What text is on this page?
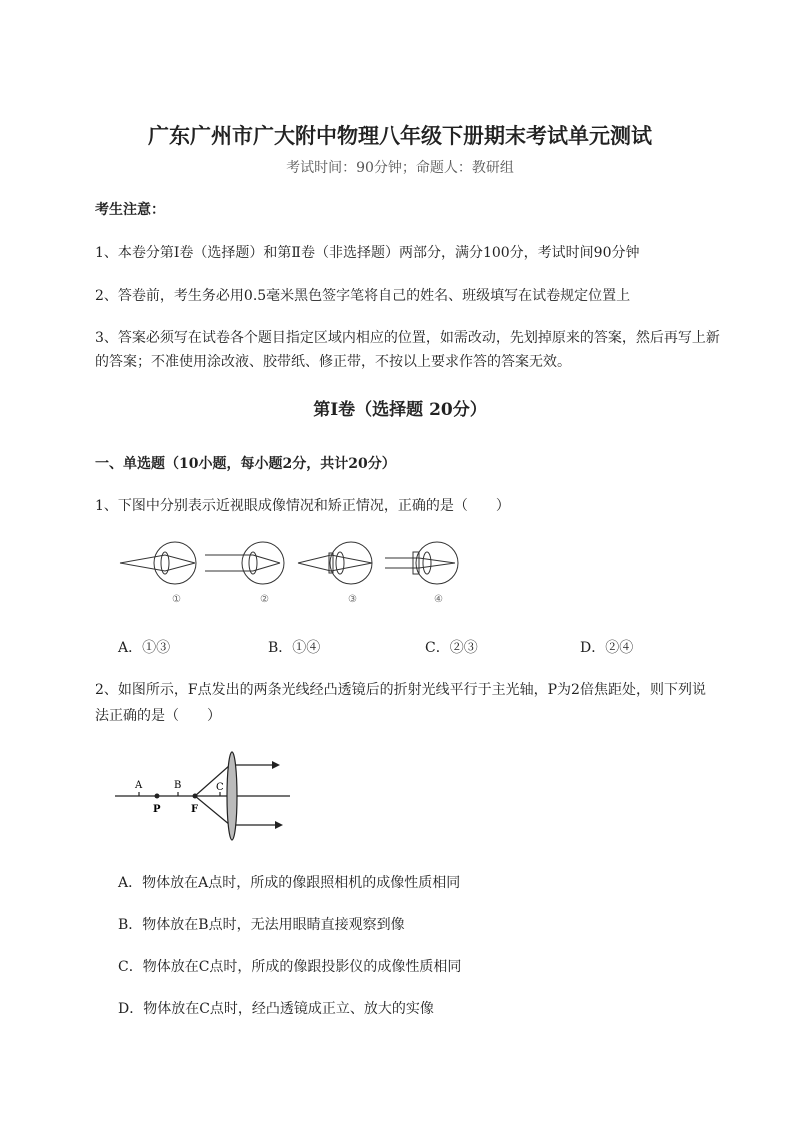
广东广州市广大附中物理八年级下册期末考试单元测试
考试时间：90分钟；命题人：教研组
考生注意：
1、本卷分第I卷（选择题）和第Ⅱ卷（非选择题）两部分，满分100分，考试时间90分钟
2、答卷前，考生务必用0.5毫米黑色签字笔将自己的姓名、班级填写在试卷规定位置上
3、答案必须写在试卷各个题目指定区域内相应的位置，如需改动，先划掉原来的答案，然后再写上新
的答案；不准使用涂改液、胶带纸、修正带，不按以上要求作答的答案无效。
第I卷（选择题 20分）
一、单选题（10小题，每小题2分，共计20分）
1、下图中分别表示近视眼成像情况和矫正情况，正确的是（　　）
①	②	③	④
A．①③	B．①④	C．②③	D．②④
2、如图所示，F点发出的两条光线经凸透镜后的折射光线平行于主光轴，P为2倍焦距处，则下列说
法正确的是（　　）
A	B	C
P	F
A．物体放在A点时，所成的像跟照相机的成像性质相同
B．物体放在B点时，无法用眼睛直接观察到像
C．物体放在C点时，所成的像跟投影仪的成像性质相同
D．物体放在C点时，经凸透镜成正立、放大的实像
